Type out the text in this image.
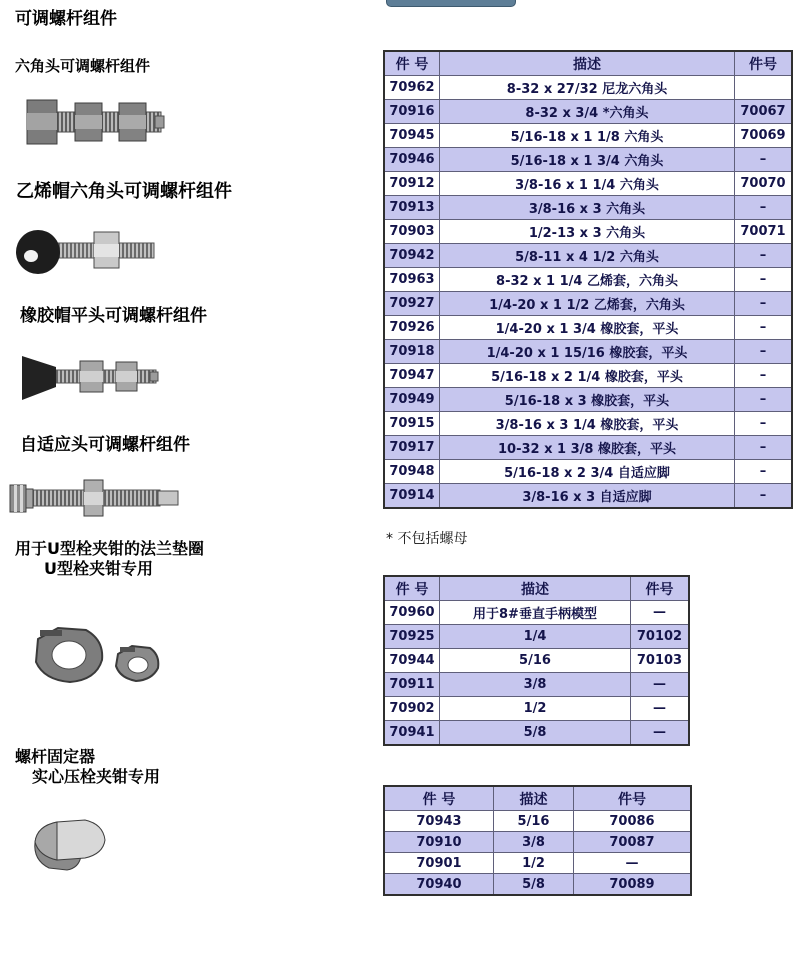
可调螺杆组件
六角头可调螺杆组件
乙烯帽六角头可调螺杆组件
橡胶帽平头可调螺杆组件
自适应头可调螺杆组件
用于U型栓夹钳的法兰垫圈
U型栓夹钳专用
螺杆固定器
实心压栓夹钳专用
件 号	描述	件号
70962	8-32 x 27/32 尼龙六角头	
70916	8-32 x 3/4 *六角头	70067
70945	5/16-18 x 1 1/8 六角头	70069
70946	5/16-18 x 1 3/4 六角头	–
70912	3/8-16 x 1 1/4 六角头	70070
70913	3/8-16 x 3 六角头	–
70903	1/2-13 x 3 六角头	70071
70942	5/8-11 x 4 1/2 六角头	–
70963	8-32 x 1 1/4 乙烯套，六角头	–
70927	1/4-20 x 1 1/2 乙烯套，六角头	–
70926	1/4-20 x 1 3/4 橡胶套，平头	–
70918	1/4-20 x 1 15/16 橡胶套，平头	–
70947	5/16-18 x 2 1/4 橡胶套，平头	–
70949	5/16-18 x 3 橡胶套，平头	–
70915	3/8-16 x 3 1/4 橡胶套，平头	–
70917	10-32 x 1 3/8 橡胶套，平头	–
70948	5/16-18 x 2 3/4 自适应脚	–
70914	3/8-16 x 3 自适应脚	–
* 不包括螺母
件 号	描述	件号
70960	用于8#垂直手柄模型	—
70925	1/4	70102
70944	5/16	70103
70911	3/8	—
70902	1/2	—
70941	5/8	—
件 号	描述	件号
70943	5/16	70086
70910	3/8	70087
70901	1/2	—
70940	5/8	70089
